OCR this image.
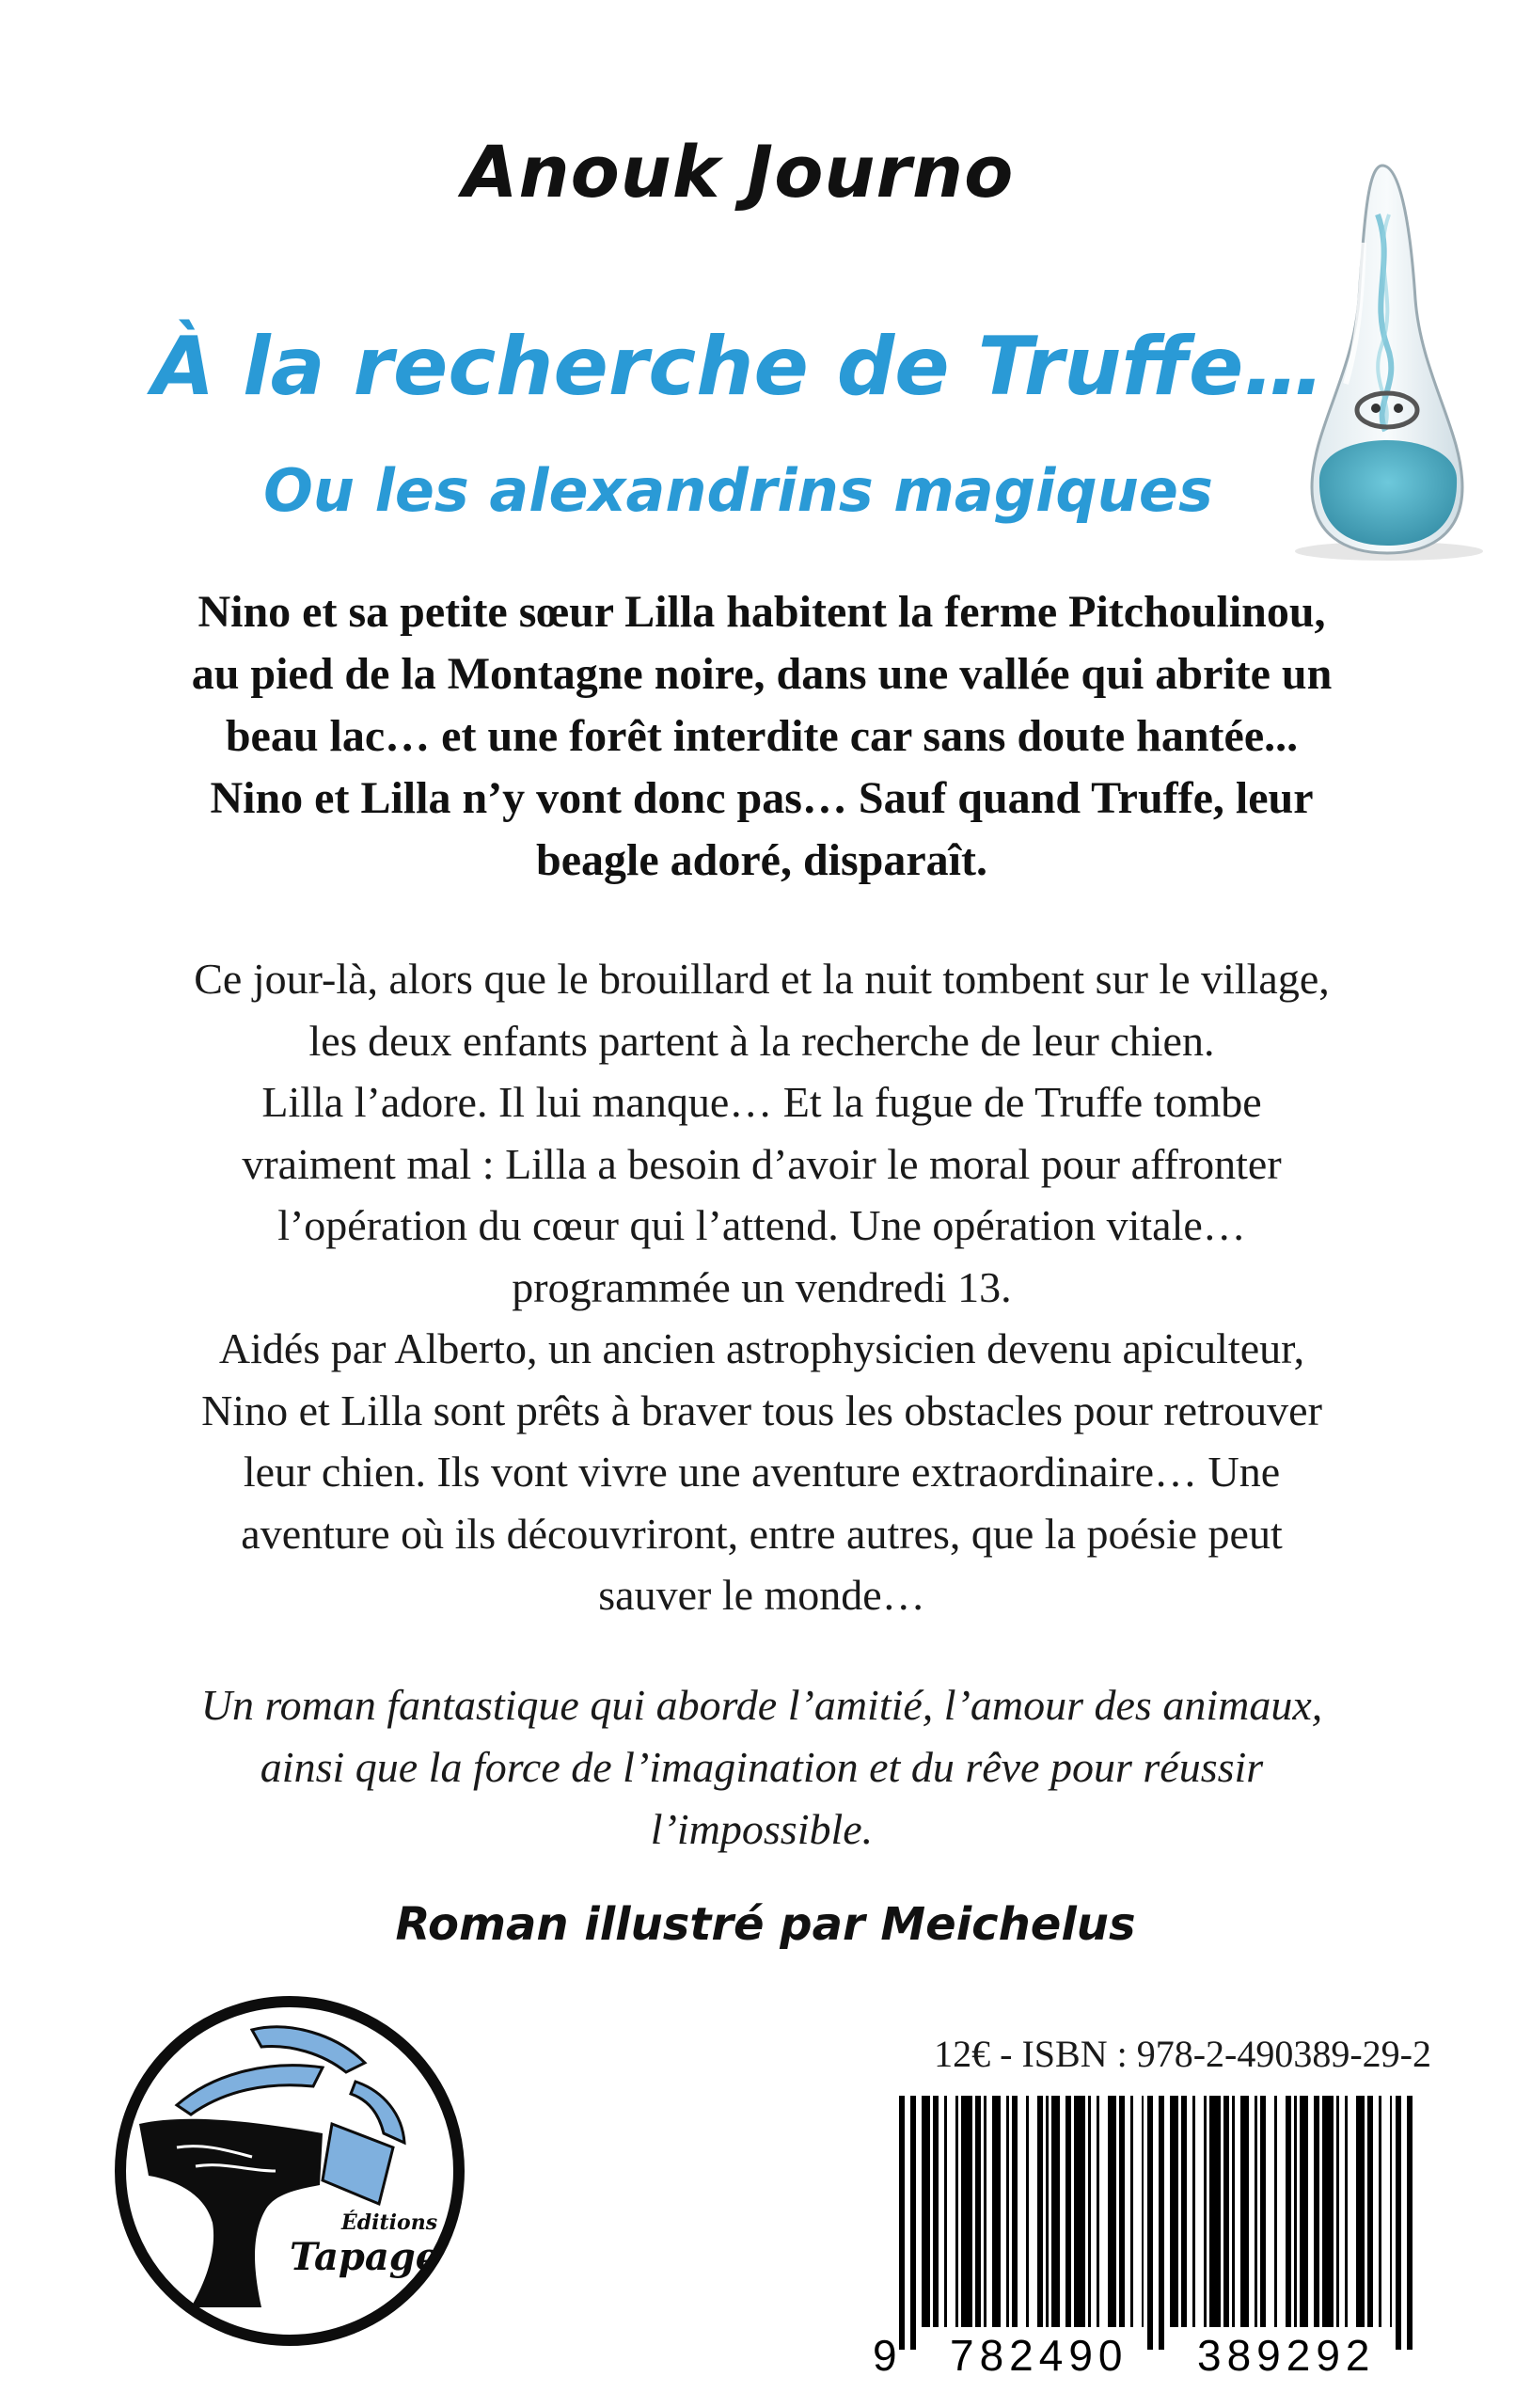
Anouk Journo
À la recherche de Truffe…
Ou les alexandrins magiques
Nino et sa petite sœur Lilla habitent la ferme Pitchoulinou,
au pied de la Montagne noire, dans une vallée qui abrite un
beau lac… et une forêt interdite car sans doute hantée...
Nino et Lilla n’y vont donc pas… Sauf quand Truffe, leur
beagle adoré, disparaît.
Ce jour-là, alors que le brouillard et la nuit tombent sur le village,
les deux enfants partent à la recherche de leur chien.
Lilla l’adore. Il lui manque… Et la fugue de Truffe tombe
vraiment mal : Lilla a besoin d’avoir le moral pour affronter
l’opération du cœur qui l’attend. Une opération vitale…
programmée un vendredi 13.
Aidés par Alberto, un ancien astrophysicien devenu apiculteur,
Nino et Lilla sont prêts à braver tous les obstacles pour retrouver
leur chien. Ils vont vivre une aventure extraordinaire… Une
aventure où ils découvriront, entre autres, que la poésie peut
sauver le monde…
Un roman fantastique qui aborde l’amitié, l’amour des animaux,
ainsi que la force de l’imagination et du rêve pour réussir
l’impossible.
Roman illustré par Meichelus
Éditions
Tapage
12€ - ISBN : 978-2-490389-29-2
9 782490 389292
